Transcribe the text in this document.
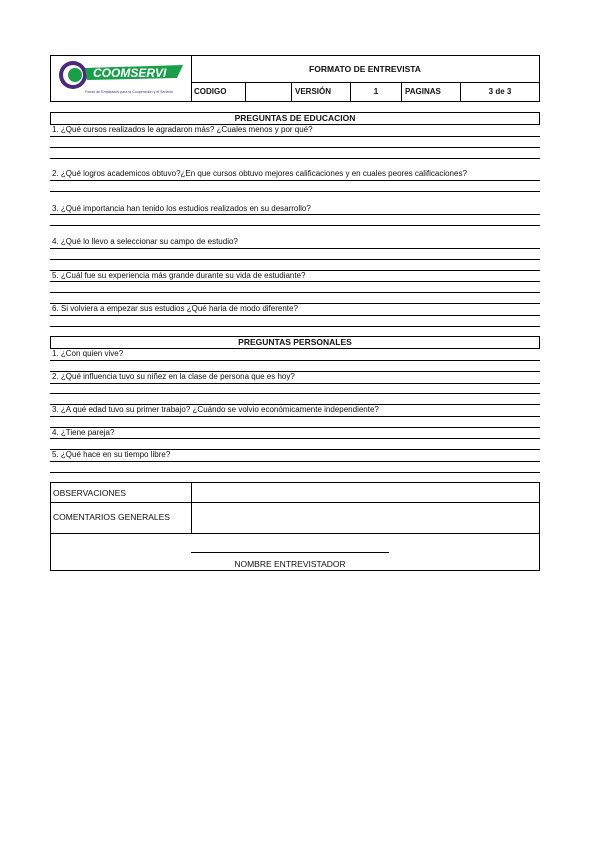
COOMSERVI
Fondo de Empleados para la Cooperación y el Servicio
FORMATO DE ENTREVISTA
CODIGO	VERSIÓN	1	PAGINAS	3 de 3
PREGUNTAS DE EDUCACION
1. ¿Qué cursos realizados le agradaron más? ¿Cuales menos y por qué?
2. ¿Qué logros academicos obtuvo?¿En que cursos obtuvo mejores calificaciones y en cuales peores calificaciones?
3. ¿Qué importancia han tenido los estudios realizados en su desarrollo?
4. ¿Qué lo llevo a seleccionar su campo de estudio?
5. ¿Cuál fue su experiencia más grande durante su vida de estudiante?
6. Si volviera a empezar sus estudios ¿Qué haria de modo diferente?
PREGUNTAS PERSONALES
1. ¿Con quien vive?
2. ¿Qué influencia tuvo su niñez en la clase de persona que es hoy?
3. ¿A qué edad tuvo su primer trabajo? ¿Cuándo se volvio económicamente independiente?
4. ¿Tiene pareja?
5. ¿Qué hace en su tiempo libre?
OBSERVACIONES
COMENTARIOS GENERALES
NOMBRE ENTREVISTADOR
